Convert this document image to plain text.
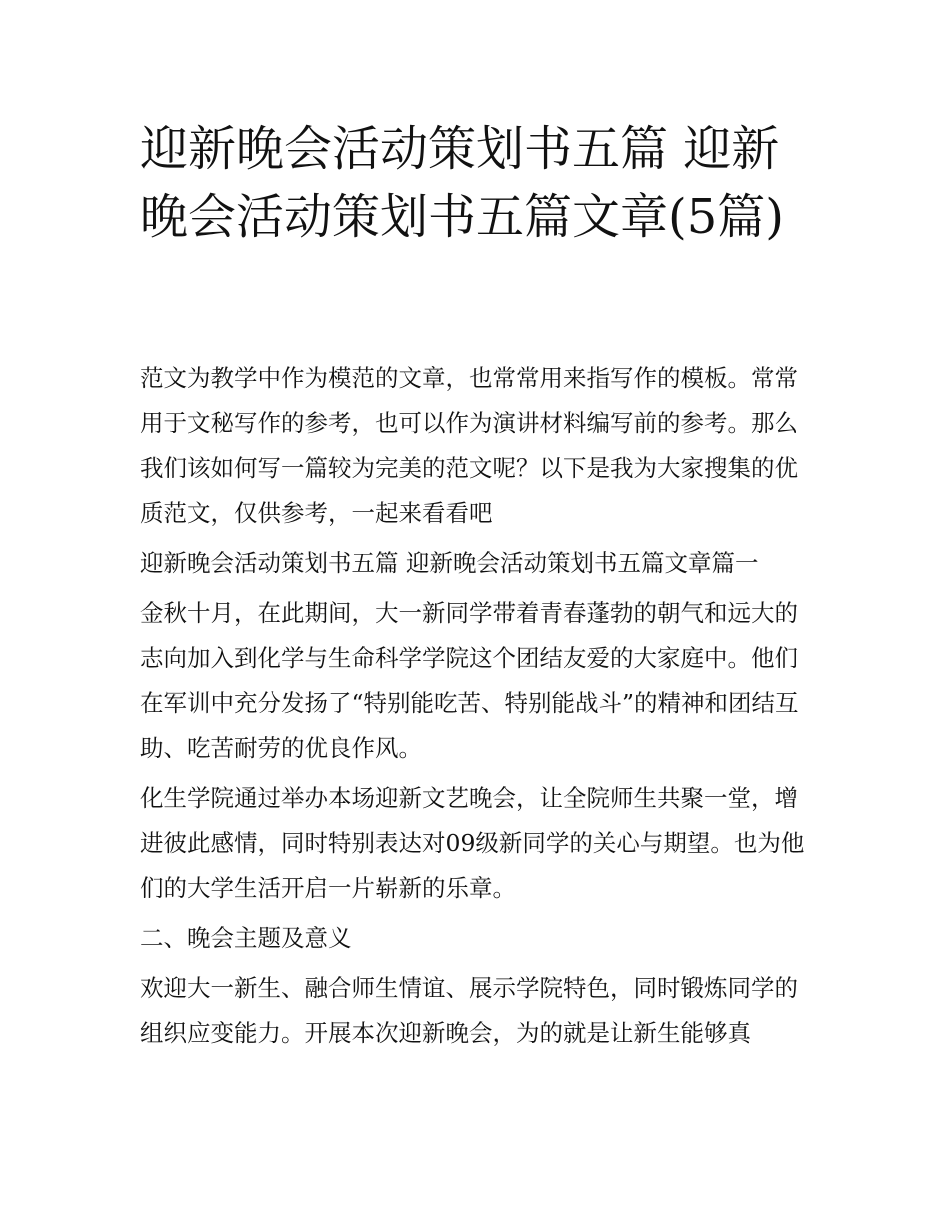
迎新晚会活动策划书五篇 迎新晚会活动策划书五篇文章(5篇)

范文为教学中作为模范的文章，也常常用来指写作的模板。常常用于文秘写作的参考，也可以作为演讲材料编写前的参考。那么我们该如何写一篇较为完美的范文呢？以下是我为大家搜集的优质范文，仅供参考，一起来看看吧

迎新晚会活动策划书五篇 迎新晚会活动策划书五篇文章篇一

金秋十月，在此期间，大一新同学带着青春蓬勃的朝气和远大的志向加入到化学与生命科学学院这个团结友爱的大家庭中。他们在军训中充分发扬了“特别能吃苦、特别能战斗”的精神和团结互助、吃苦耐劳的优良作风。

化生学院通过举办本场迎新文艺晚会，让全院师生共聚一堂，增进彼此感情，同时特别表达对09级新同学的关心与期望。也为他们的大学生活开启一片崭新的乐章。

二、晚会主题及意义

欢迎大一新生、融合师生情谊、展示学院特色，同时锻炼同学的组织应变能力。开展本次迎新晚会，为的就是让新生能够真
